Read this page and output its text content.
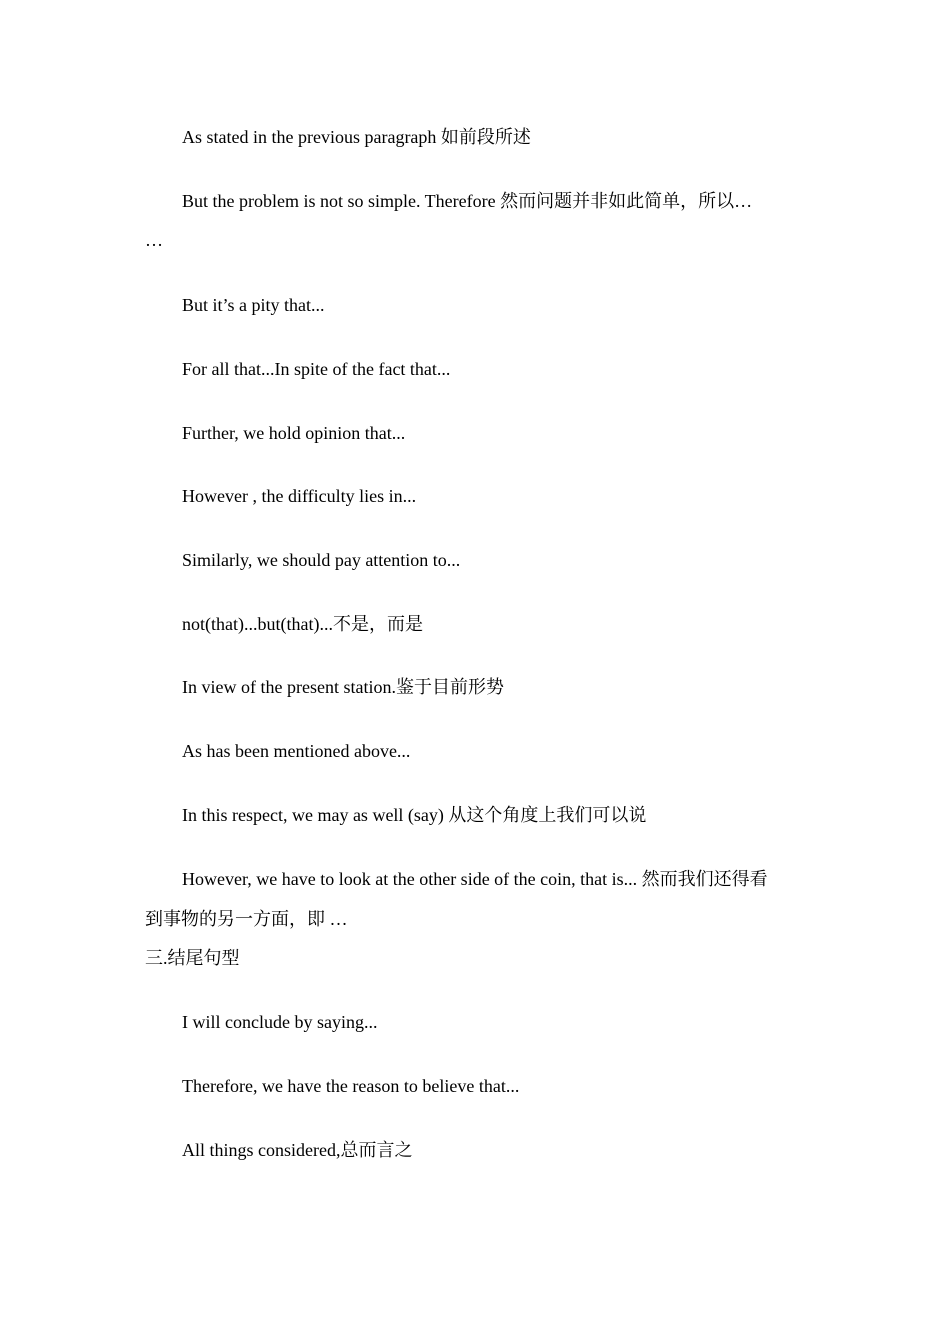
As stated in the previous paragraph 如前段所述
But the problem is not so simple. Therefore 然而问题并非如此简单，所以…
…
But it’s a pity that...
For all that...In spite of the fact that...
Further, we hold opinion that...
However , the difficulty lies in...
Similarly, we should pay attention to...
not(that)...but(that)...不是，而是
In view of the present station.鉴于目前形势
As has been mentioned above...
In this respect, we may as well (say) 从这个角度上我们可以说
However, we have to look at the other side of the coin, that is... 然而我们还得看
到事物的另一方面，即 …
三.结尾句型
I will conclude by saying...
Therefore, we have the reason to believe that...
All things considered,总而言之
